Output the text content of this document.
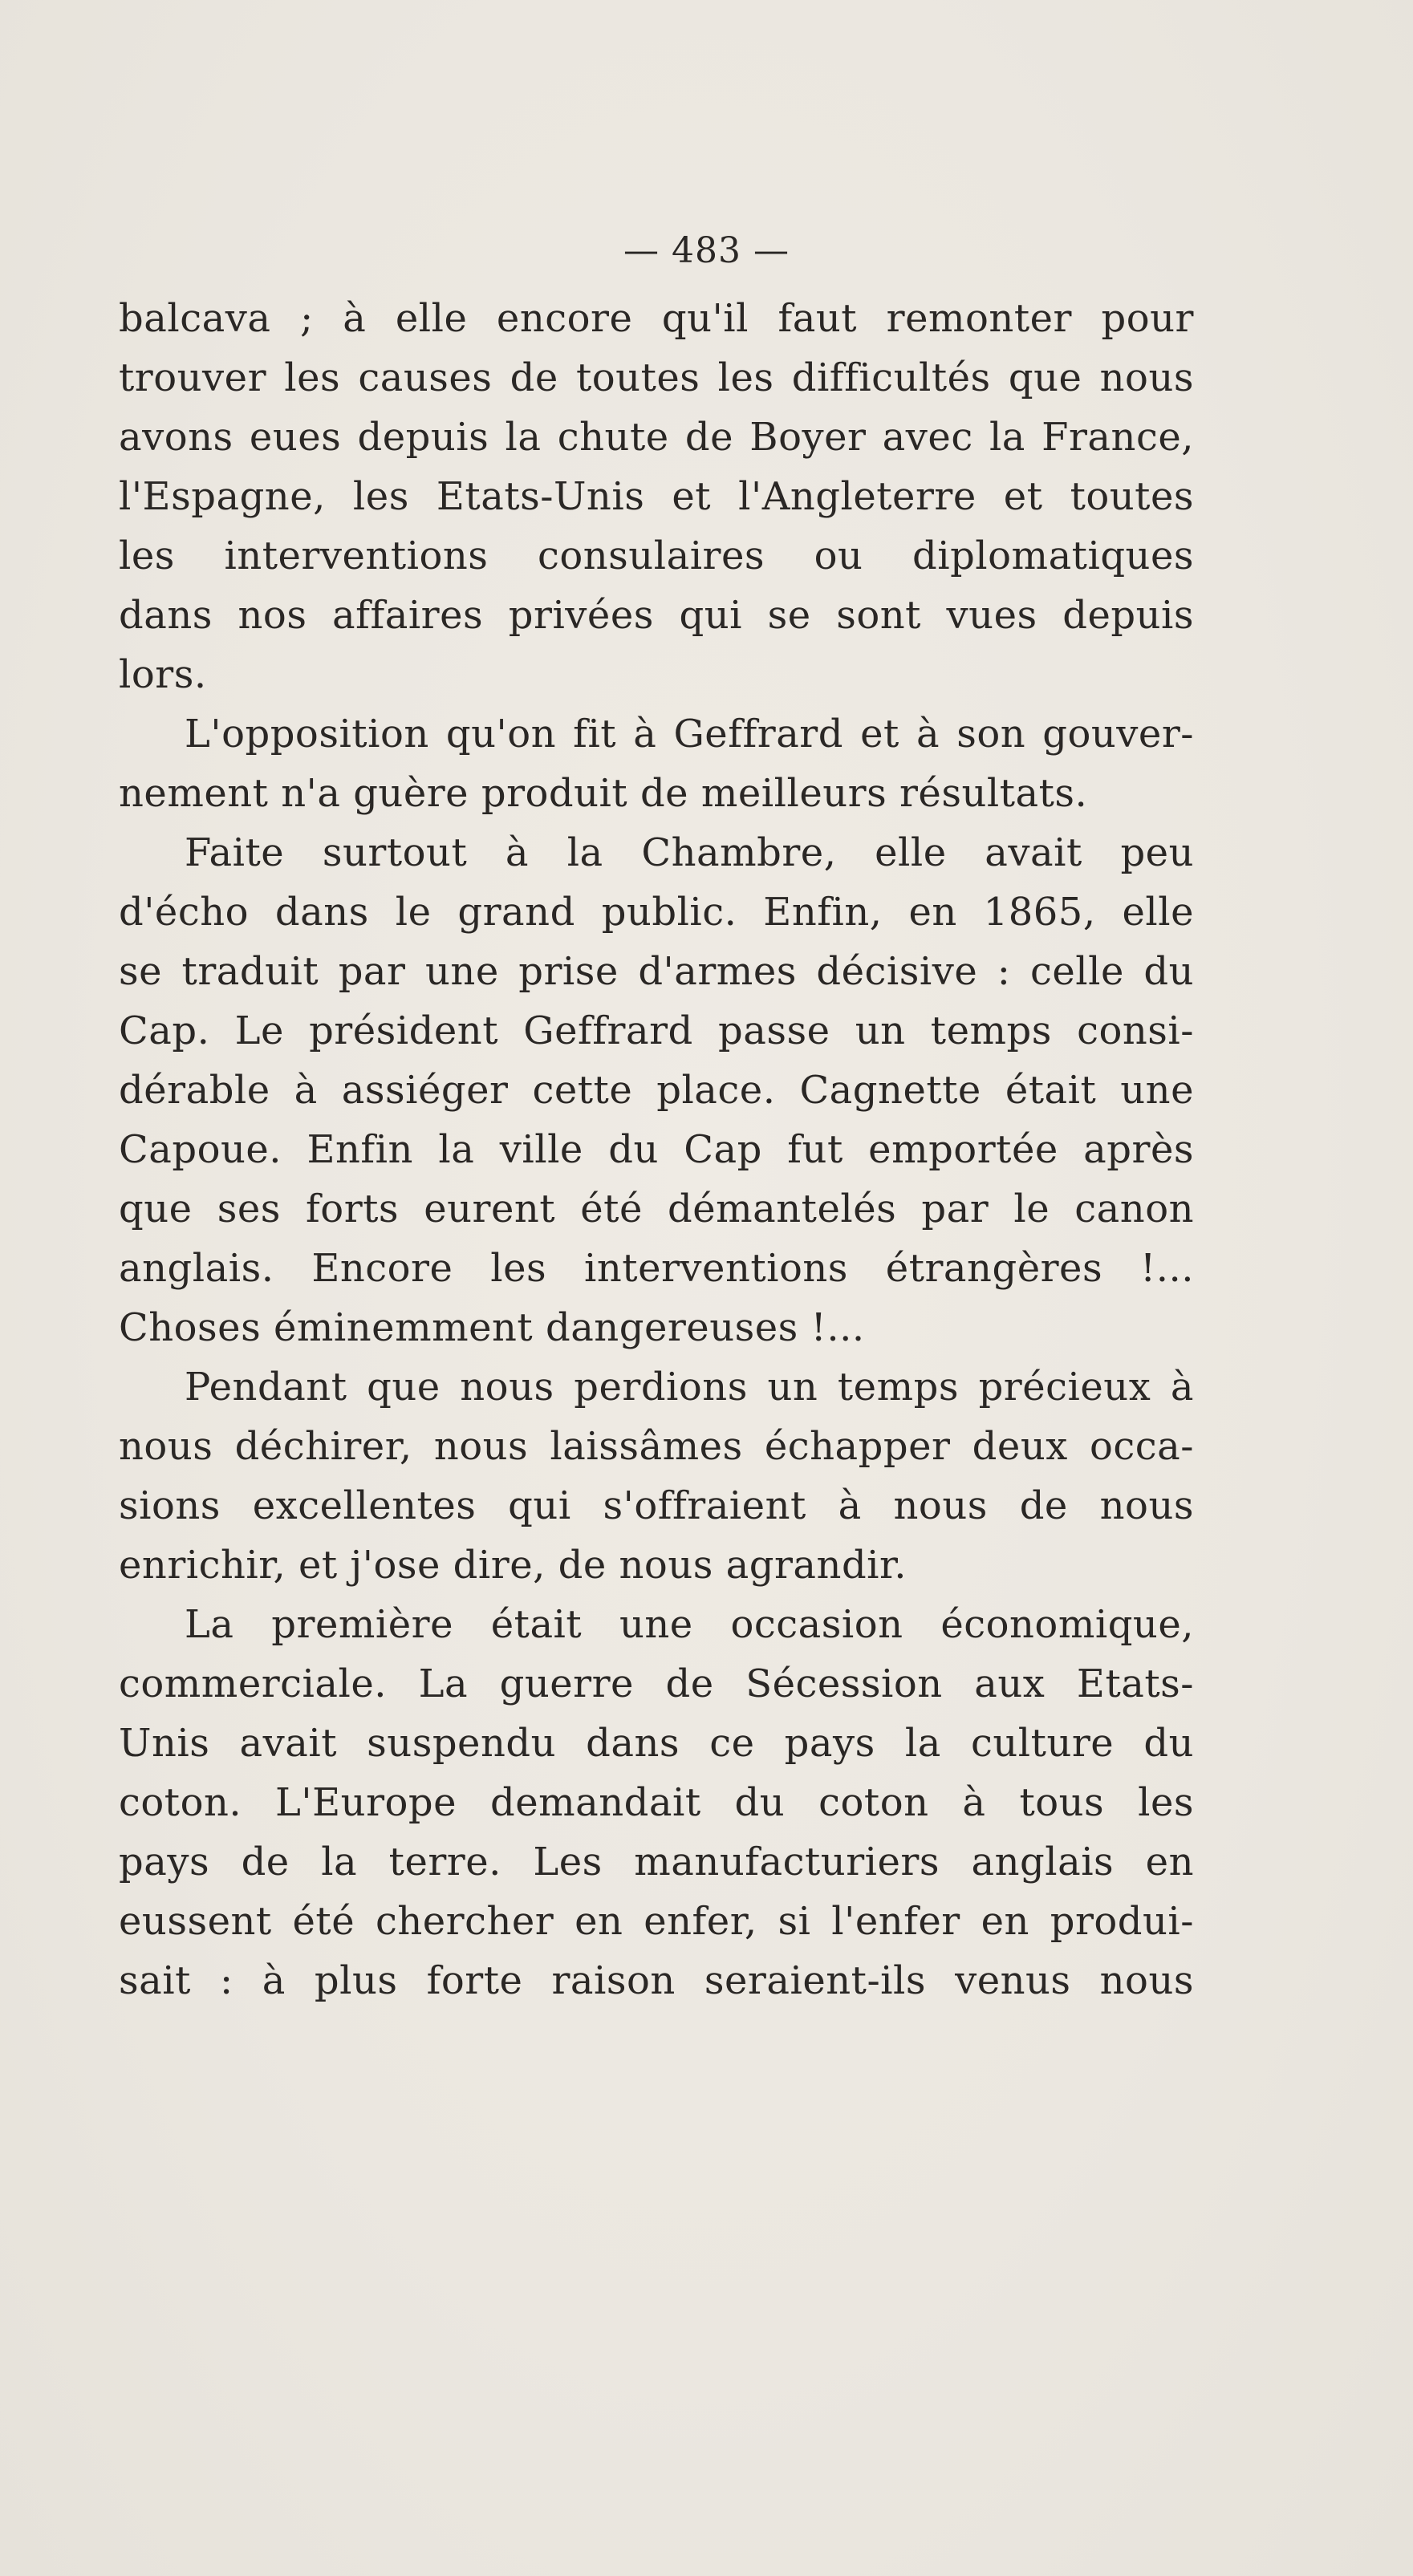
— 483 —
balcava ; à elle encore qu'il faut remonter pour
trouver les causes de toutes les difficultés que nous
avons eues depuis la chute de Boyer avec la France,
l'Espagne, les Etats-Unis et l'Angleterre et toutes
les interventions consulaires ou diplomatiques
dans nos affaires privées qui se sont vues depuis
lors.
L'opposition qu'on fit à Geffrard et à son gouver-
nement n'a guère produit de meilleurs résultats.
Faite surtout à la Chambre, elle avait peu
d'écho dans le grand public. Enfin, en 1865, elle
se traduit par une prise d'armes décisive : celle du
Cap. Le président Geffrard passe un temps consi-
dérable à assiéger cette place. Cagnette était une
Capoue. Enfin la ville du Cap fut emportée après
que ses forts eurent été démantelés par le canon
anglais. Encore les interventions étrangères !...
Choses éminemment dangereuses !...
Pendant que nous perdions un temps précieux à
nous déchirer, nous laissâmes échapper deux occa-
sions excellentes qui s'offraient à nous de nous
enrichir, et j'ose dire, de nous agrandir.
La première était une occasion économique,
commerciale. La guerre de Sécession aux Etats-
Unis avait suspendu dans ce pays la culture du
coton. L'Europe demandait du coton à tous les
pays de la terre. Les manufacturiers anglais en
eussent été chercher en enfer, si l'enfer en produi-
sait : à plus forte raison seraient-ils venus nous
